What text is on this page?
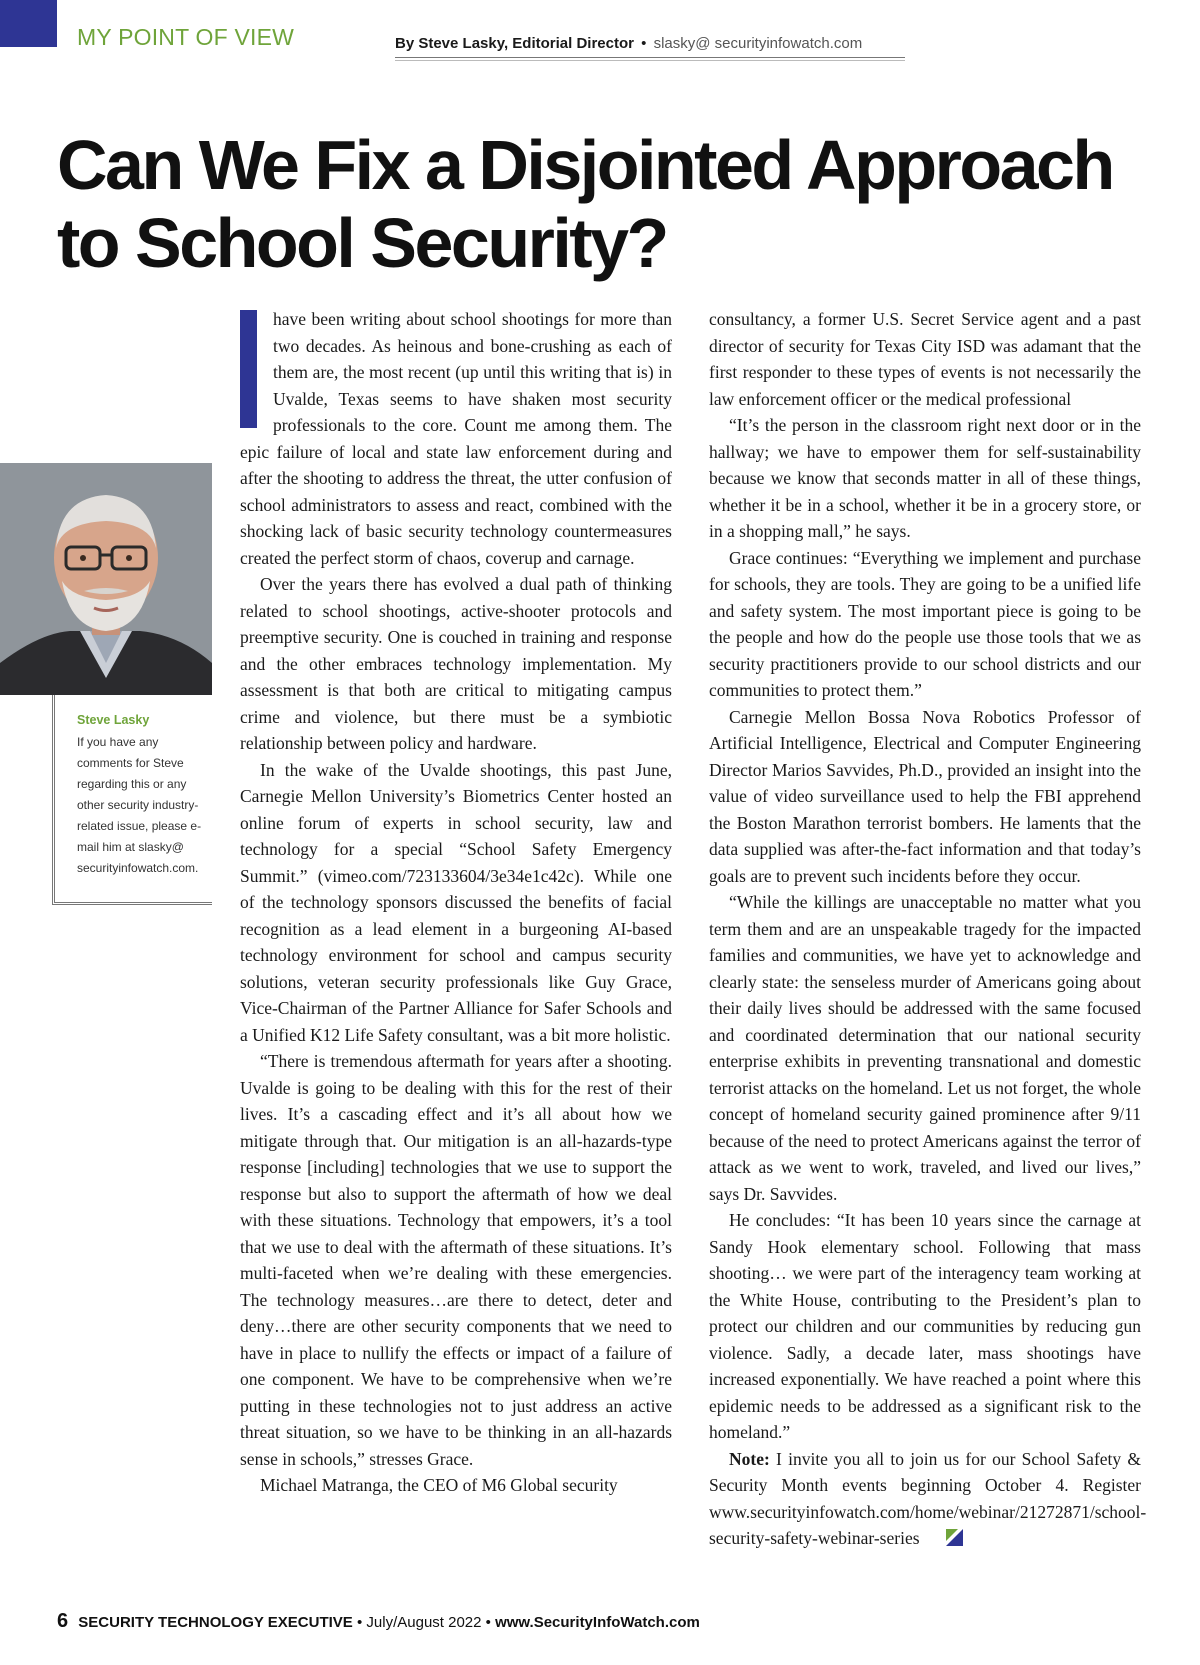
MY POINT OF VIEW	By Steve Lasky, Editorial Director • slasky@ securityinfowatch.com
Can We Fix a Disjointed Approach to School Security?
Steve Lasky
If you have any comments for Steve regarding this or any other security industry-related issue, please e-mail him at slasky@ securityinfowatch.com.

have been writing about school shootings for more than two decades. As heinous and bone-crushing as each of them are, the most recent (up until this writing that is) in Uvalde, Texas seems to have shaken most security professionals to the core. Count me among them. The epic failure of local and state law enforcement during and after the shooting to address the threat, the utter confusion of school administrators to assess and react, combined with the shocking lack of basic security technology countermeasures created the perfect storm of chaos, coverup and carnage.

Over the years there has evolved a dual path of thinking related to school shootings, active-shooter protocols and preemptive security. One is couched in training and response and the other embraces technology implementation. My assessment is that both are critical to mitigating campus crime and violence, but there must be a symbiotic relationship between policy and hardware.

In the wake of the Uvalde shootings, this past June, Carnegie Mellon University’s Biometrics Center hosted an online forum of experts in school security, law and technology for a special “School Safety Emergency Summit.” (vimeo.com/723133604/3e34e1c42c). While one of the technology sponsors discussed the benefits of facial recognition as a lead element in a burgeoning AI-based technology environment for school and campus security solutions, veteran security professionals like Guy Grace, Vice-Chairman of the Partner Alliance for Safer Schools and a Unified K12 Life Safety consultant, was a bit more holistic.

“There is tremendous aftermath for years after a shooting. Uvalde is going to be dealing with this for the rest of their lives. It’s a cascading effect and it’s all about how we mitigate through that. Our mitigation is an all-hazards-type response [including] technologies that we use to support the response but also to support the aftermath of how we deal with these situations. Technology that empowers, it’s a tool that we use to deal with the aftermath of these situations. It’s multi-faceted when we’re dealing with these emergencies. The technology measures…are there to detect, deter and deny…there are other security components that we need to have in place to nullify the effects or impact of a failure of one component. We have to be comprehensive when we’re putting in these technologies not to just address an active threat situation, so we have to be thinking in an all-hazards sense in schools,” stresses Grace.

Michael Matranga, the CEO of M6 Global security

consultancy, a former U.S. Secret Service agent and a past director of security for Texas City ISD was adamant that the first responder to these types of events is not necessarily the law enforcement officer or the medical professional

“It’s the person in the classroom right next door or in the hallway; we have to empower them for self-sustainability because we know that seconds matter in all of these things, whether it be in a school, whether it be in a grocery store, or in a shopping mall,” he says.

Grace continues: “Everything we implement and purchase for schools, they are tools. They are going to be a unified life and safety system. The most important piece is going to be the people and how do the people use those tools that we as security practitioners provide to our school districts and our communities to protect them.”

Carnegie Mellon Bossa Nova Robotics Professor of Artificial Intelligence, Electrical and Computer Engineering Director Marios Savvides, Ph.D., provided an insight into the value of video surveillance used to help the FBI apprehend the Boston Marathon terrorist bombers. He laments that the data supplied was after-the-fact information and that today’s goals are to prevent such incidents before they occur.

“While the killings are unacceptable no matter what you term them and are an unspeakable tragedy for the impacted families and communities, we have yet to acknowledge and clearly state: the senseless murder of Americans going about their daily lives should be addressed with the same focused and coordinated determination that our national security enterprise exhibits in preventing transnational and domestic terrorist attacks on the homeland. Let us not forget, the whole concept of homeland security gained prominence after 9/11 because of the need to protect Americans against the terror of attack as we went to work, traveled, and lived our lives,” says Dr. Savvides.

He concludes: “It has been 10 years since the carnage at Sandy Hook elementary school. Following that mass shooting… we were part of the interagency team working at the White House, contributing to the President’s plan to protect our children and our communities by reducing gun violence. Sadly, a decade later, mass shootings have increased exponentially. We have reached a point where this epidemic needs to be addressed as a significant risk to the homeland.”

Note: I invite you all to join us for our School Safety & Security Month events beginning October 4. Register www.securityinfowatch.com/home/webinar/21272871/school-security-safety-webinar-series

6 SECURITY TECHNOLOGY EXECUTIVE • July/August 2022 • www.SecurityInfoWatch.com
